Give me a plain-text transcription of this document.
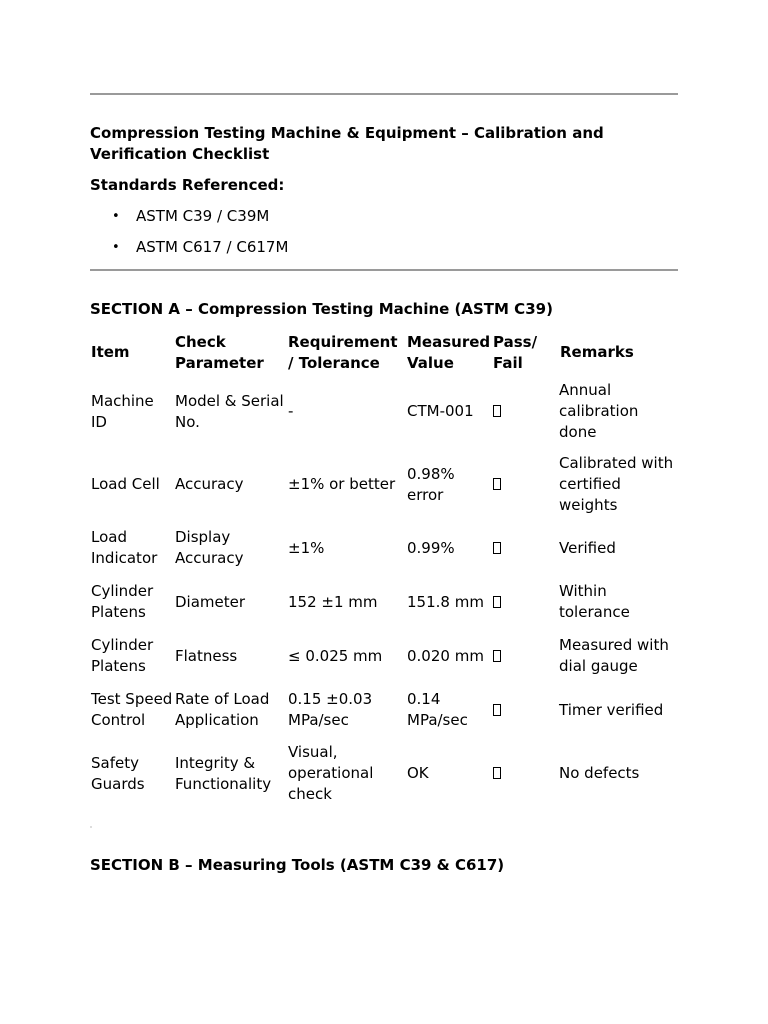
Compression Testing Machine & Equipment – Calibration and Verification Checklist
Standards Referenced:
• ASTM C39 / C39M
• ASTM C617 / C617M
SECTION A – Compression Testing Machine (ASTM C39)
Item	Check Parameter	Requirement / Tolerance	Measured Value	Pass/ Fail	Remarks
Machine ID	Model & Serial No.	-	CTM-001		Annual calibration done
Load Cell	Accuracy	±1% or better	0.98% error		Calibrated with certified weights
Load Indicator	Display Accuracy	±1%	0.99%		Verified
Cylinder Platens	Diameter	152 ±1 mm	151.8 mm		Within tolerance
Cylinder Platens	Flatness	≤ 0.025 mm	0.020 mm		Measured with dial gauge
Test Speed Control	Rate of Load Application	0.15 ±0.03 MPa/sec	0.14 MPa/sec		Timer verified
Safety Guards	Integrity & Functionality	Visual, operational check	OK		No defects
SECTION B – Measuring Tools (ASTM C39 & C617)
